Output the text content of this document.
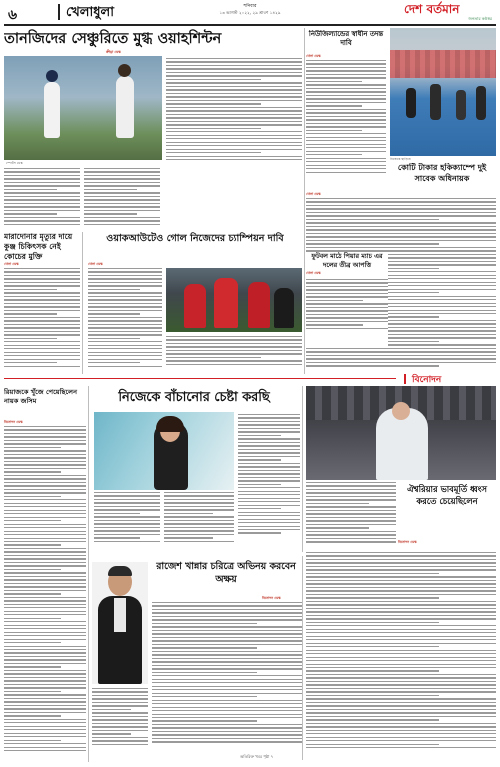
৬	খেলাধুলা	শনিবার
১৩ আগস্ট ২০২২, ২৯ শ্রাবণ ১৪২৯	দেশ বর্তমান
জনতার কণ্ঠস্বর
তানজিদের সেঞ্চুরিতে মুগ্ধ ওয়াহশিন্টন
ক্রীড়া ডেস্ক
স্পোর্টস ডেস্ক
মারাদোনার মৃত্যুর দায়ে কুঞ্জ চিকিৎসক নেই কোচের মুক্তি
খেলা ডেস্ক
ওয়াকআউটেও গোল নিজেদের চ্যাম্পিয়ন দাবি
খেলা ডেস্ক
নিউজিল্যান্ডের স্বাধীন তদন্ত দাবি
খেলা ডেস্ক
নিজেকে ছাড়িয়ে
কোটি টাকার হকিক্যাম্পে দুই সাবেক অধিনায়ক
খেলা ডেস্ক
ফুটবল মাঠে পিয়ার ম্যাচ এর দলের তীব্র আপত্তি
খেলা ডেস্ক
বিনোদন
রিয়াজকে খুঁজে পেয়েছিলেন নায়ক জসিম
বিনোদন ডেস্ক
নিজেকে বাঁচানোর চেষ্টা করছি
ঐশ্বরিয়ার ভাবমূর্তি ধ্বংস করতে চেয়েছিলেন
বিনোদন ডেস্ক
রাজেশ খান্নার চরিত্রে অভিনয় করবেন অক্ষয়
বিনোদন ডেস্ক
অতিরিক্ত খবর পৃষ্ঠা ৭
